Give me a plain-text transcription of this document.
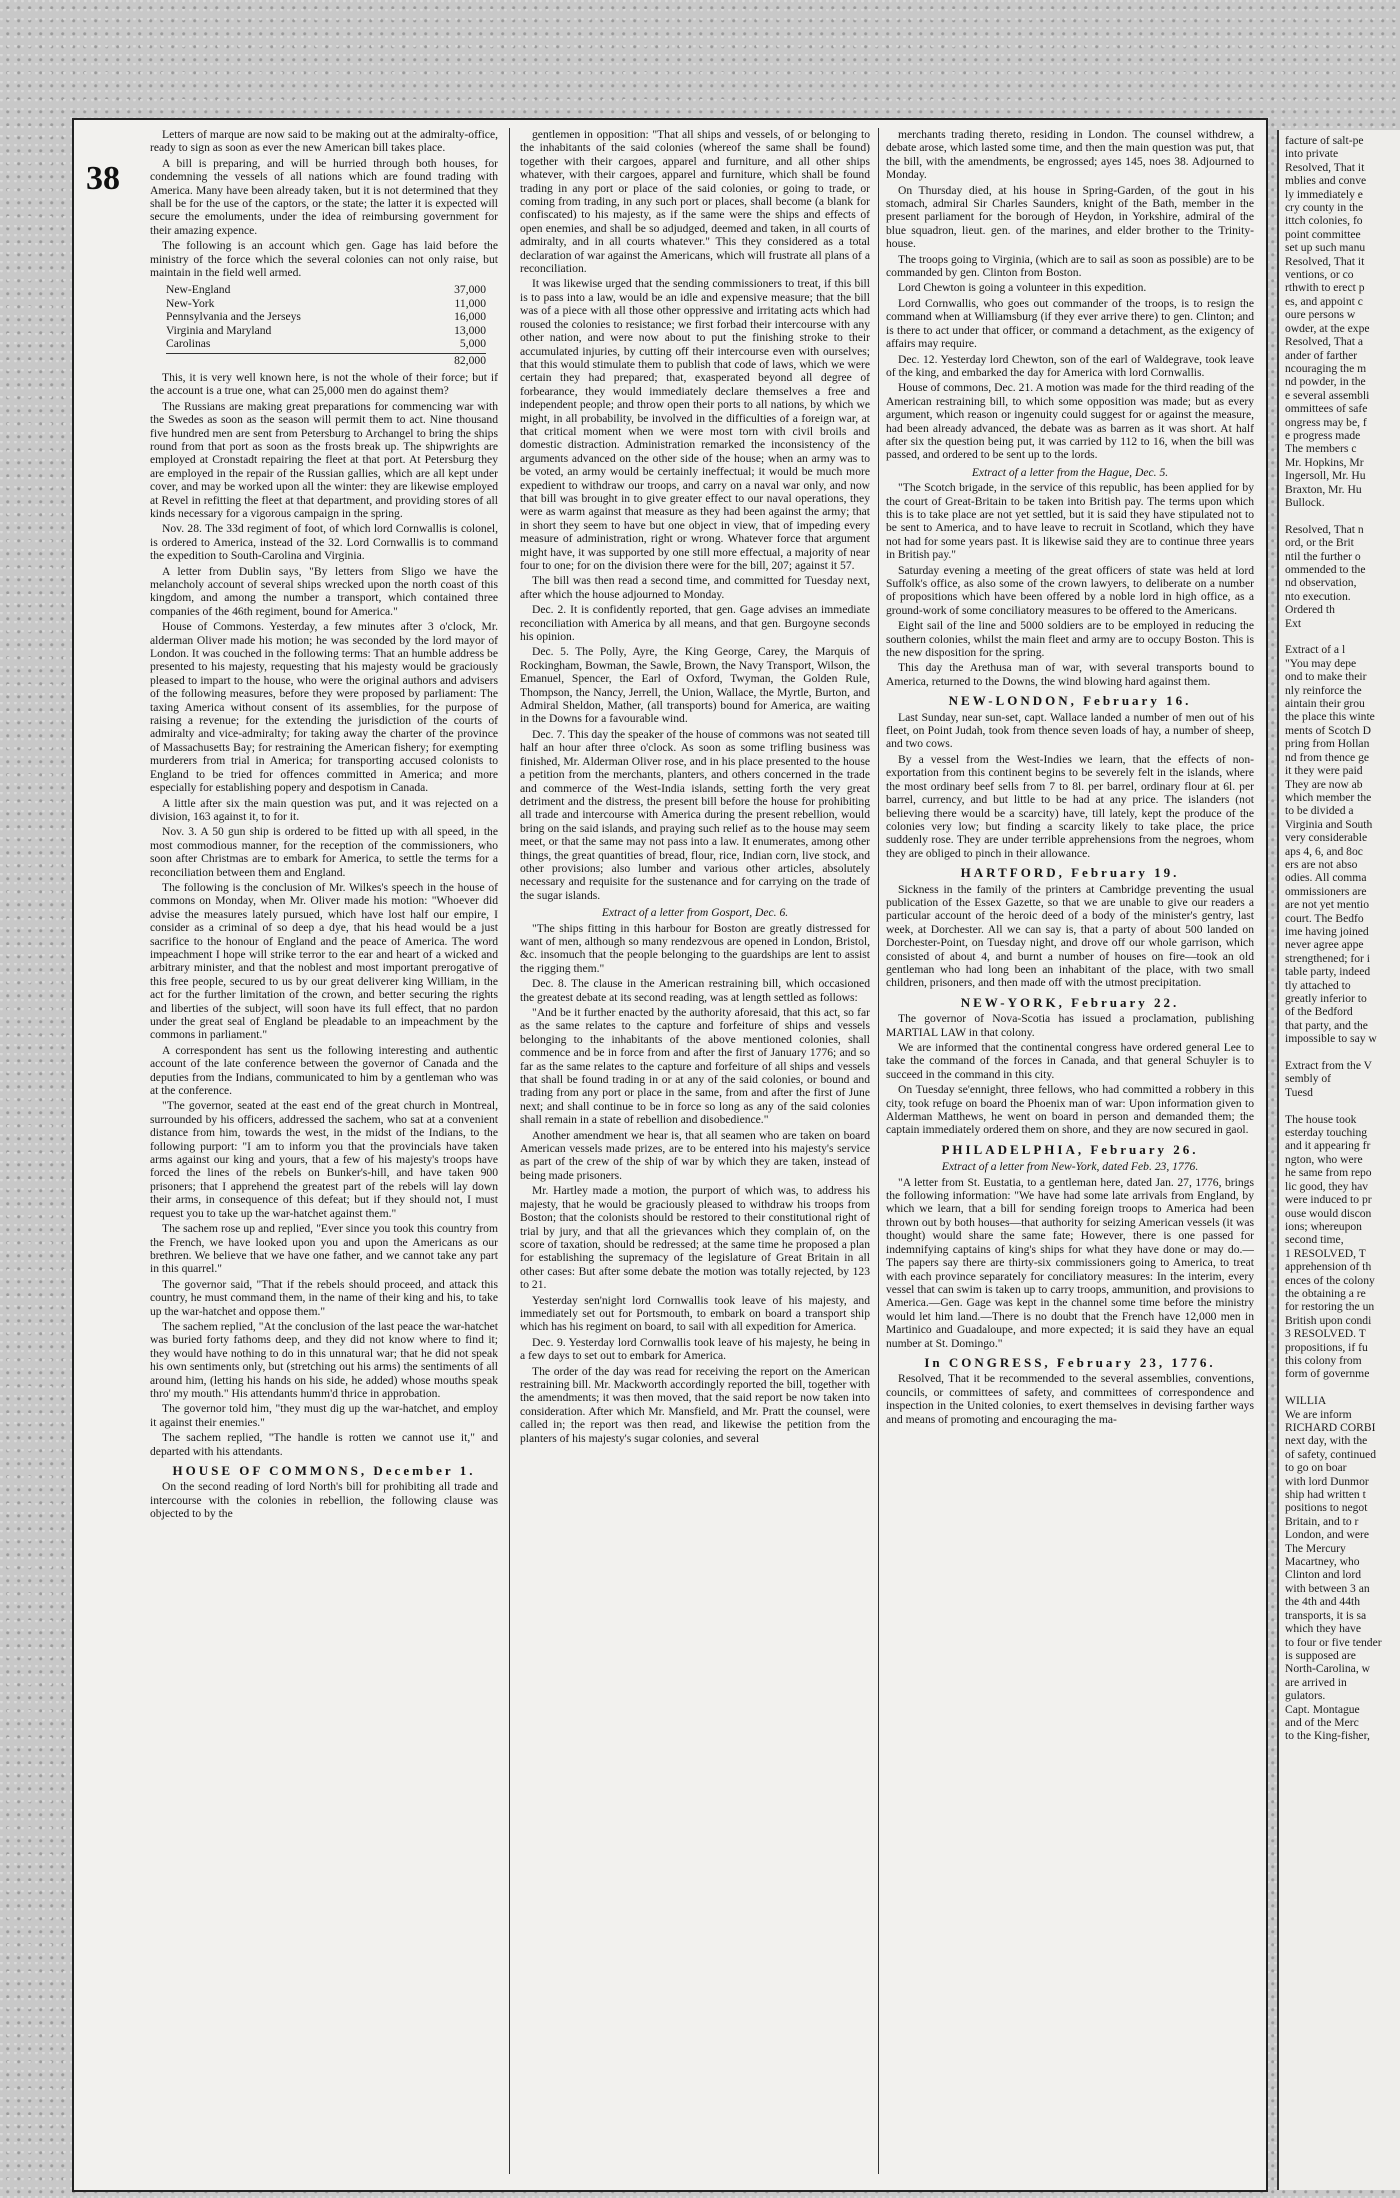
38

Letters of marque are now said to be making out at the admiralty-office, ready to sign as soon as ever the new American bill takes place.

A bill is preparing, and will be hurried through both houses, for condemning the vessels of all nations which are found trading with America. Many have been already taken, but it is not determined that they shall be for the use of the captors, or the state; the latter it is expected will secure the emoluments, under the idea of reimbursing government for their amazing expence.

The following is an account which gen. Gage has laid before the ministry of the force which the several colonies can not only raise, but maintain in the field well armed.

New-England	37,000
New-York	11,000
Pennsylvania and the Jerseys	16,000
Virginia and Maryland	13,000
Carolinas	5,000
82,000

This, it is very well known here, is not the whole of their force; but if the account is a true one, what can 25,000 men do against them?

The Russians are making great preparations for commencing war with the Swedes as soon as the season will permit them to act. Nine thousand five hundred men are sent from Petersburg to Archangel to bring the ships round from that port as soon as the frosts break up. The shipwrights are employed at Cronstadt repairing the fleet at that port. At Petersburg they are employed in the repair of the Russian gallies, which are all kept under cover, and may be worked upon all the winter: they are likewise employed at Revel in refitting the fleet at that department, and providing stores of all kinds necessary for a vigorous campaign in the spring.

Nov. 28. The 33d regiment of foot, of which lord Cornwallis is colonel, is ordered to America, instead of the 32. Lord Cornwallis is to command the expedition to South-Carolina and Virginia.

A letter from Dublin says, "By letters from Sligo we have the melancholy account of several ships wrecked upon the north coast of this kingdom, and among the number a transport, which contained three companies of the 46th regiment, bound for America."

House of Commons. Yesterday, a few minutes after 3 o'clock, Mr. alderman Oliver made his motion; he was seconded by the lord mayor of London. It was couched in the following terms: That an humble address be presented to his majesty, requesting that his majesty would be graciously pleased to impart to the house, who were the original authors and advisers of the following measures, before they were proposed by parliament: The taxing America without consent of its assemblies, for the purpose of raising a revenue; for the extending the jurisdiction of the courts of admiralty and vice-admiralty; for taking away the charter of the province of Massachusetts Bay; for restraining the American fishery; for exempting murderers from trial in America; for transporting accused colonists to England to be tried for offences committed in America; and more especially for establishing popery and despotism in Canada.

A little after six the main question was put, and it was rejected on a division, 163 against it, to for it.

Nov. 3. A 50 gun ship is ordered to be fitted up with all speed, in the most commodious manner, for the reception of the commissioners, who soon after Christmas are to embark for America, to settle the terms for a reconciliation between them and England.

The following is the conclusion of Mr. Wilkes's speech in the house of commons on Monday, when Mr. Oliver made his motion: "Whoever did advise the measures lately pursued, which have lost half our empire, I consider as a criminal of so deep a dye, that his head would be a just sacrifice to the honour of England and the peace of America. The word impeachment I hope will strike terror to the ear and heart of a wicked and arbitrary minister, and that the noblest and most important prerogative of this free people, secured to us by our great deliverer king William, in the act for the further limitation of the crown, and better securing the rights and liberties of the subject, will soon have its full effect, that no pardon under the great seal of England be pleadable to an impeachment by the commons in parliament."

A correspondent has sent us the following interesting and authentic account of the late conference between the governor of Canada and the deputies from the Indians, communicated to him by a gentleman who was at the conference.

"The governor, seated at the east end of the great church in Montreal, surrounded by his officers, addressed the sachem, who sat at a convenient distance from him, towards the west, in the midst of the Indians, to the following purport: "I am to inform you that the provincials have taken arms against our king and yours, that a few of his majesty's troops have forced the lines of the rebels on Bunker's-hill, and have taken 900 prisoners; that I apprehend the greatest part of the rebels will lay down their arms, in consequence of this defeat; but if they should not, I must request you to take up the war-hatchet against them."

The sachem rose up and replied, "Ever since you took this country from the French, we have looked upon you and upon the Americans as our brethren. We believe that we have one father, and we cannot take any part in this quarrel."

The governor said, "That if the rebels should proceed, and attack this country, he must command them, in the name of their king and his, to take up the war-hatchet and oppose them."

The sachem replied, "At the conclusion of the last peace the war-hatchet was buried forty fathoms deep, and they did not know where to find it; they would have nothing to do in this unnatural war; that he did not speak his own sentiments only, but (stretching out his arms) the sentiments of all around him, (letting his hands on his side, he added) whose mouths speak thro' my mouth." His attendants humm'd thrice in approbation.

The governor told him, "they must dig up the war-hatchet, and employ it against their enemies."

The sachem replied, "The handle is rotten we cannot use it," and departed with his attendants.

HOUSE OF COMMONS, December 1.

On the second reading of lord North's bill for prohibiting all trade and intercourse with the colonies in rebellion, the following clause was objected to by the

gentlemen in opposition: "That all ships and vessels, of or belonging to the inhabitants of the said colonies (whereof the same shall be found) together with their cargoes, apparel and furniture, and all other ships whatever, with their cargoes, apparel and furniture, which shall be found trading in any port or place of the said colonies, or going to trade, or coming from trading, in any such port or places, shall become (a blank for confiscated) to his majesty, as if the same were the ships and effects of open enemies, and shall be so adjudged, deemed and taken, in all courts of admiralty, and in all courts whatever." This they considered as a total declaration of war against the Americans, which will frustrate all plans of a reconciliation.

It was likewise urged that the sending commissioners to treat, if this bill is to pass into a law, would be an idle and expensive measure; that the bill was of a piece with all those other oppressive and irritating acts which had roused the colonies to resistance; we first forbad their intercourse with any other nation, and were now about to put the finishing stroke to their accumulated injuries, by cutting off their intercourse even with ourselves; that this would stimulate them to publish that code of laws, which we were certain they had prepared; that, exasperated beyond all degree of forbearance, they would immediately declare themselves a free and independent people; and throw open their ports to all nations, by which we might, in all probability, be involved in the difficulties of a foreign war, at that critical moment when we were most torn with civil broils and domestic distraction. Administration remarked the inconsistency of the arguments advanced on the other side of the house; when an army was to be voted, an army would be certainly ineffectual; it would be much more expedient to withdraw our troops, and carry on a naval war only, and now that bill was brought in to give greater effect to our naval operations, they were as warm against that measure as they had been against the army; that in short they seem to have but one object in view, that of impeding every measure of administration, right or wrong. Whatever force that argument might have, it was supported by one still more effectual, a majority of near four to one; for on the division there were for the bill, 207; against it 57.

The bill was then read a second time, and committed for Tuesday next, after which the house adjourned to Monday.

Dec. 2. It is confidently reported, that gen. Gage advises an immediate reconciliation with America by all means, and that gen. Burgoyne seconds his opinion.

Dec. 5. The Polly, Ayre, the King George, Carey, the Marquis of Rockingham, Bowman, the Sawle, Brown, the Navy Transport, Wilson, the Emanuel, Spencer, the Earl of Oxford, Twyman, the Golden Rule, Thompson, the Nancy, Jerrell, the Union, Wallace, the Myrtle, Burton, and Admiral Sheldon, Mather, (all transports) bound for America, are waiting in the Downs for a favourable wind.

Dec. 7. This day the speaker of the house of commons was not seated till half an hour after three o'clock. As soon as some trifling business was finished, Mr. Alderman Oliver rose, and in his place presented to the house a petition from the merchants, planters, and others concerned in the trade and commerce of the West-India islands, setting forth the very great detriment and the distress, the present bill before the house for prohibiting all trade and intercourse with America during the present rebellion, would bring on the said islands, and praying such relief as to the house may seem meet, or that the same may not pass into a law. It enumerates, among other things, the great quantities of bread, flour, rice, Indian corn, live stock, and other provisions; also lumber and various other articles, absolutely necessary and requisite for the sustenance and for carrying on the trade of the sugar islands.

Extract of a letter from Gosport, Dec. 6.

"The ships fitting in this harbour for Boston are greatly distressed for want of men, although so many rendezvous are opened in London, Bristol, &c. insomuch that the people belonging to the guardships are lent to assist the rigging them."

Dec. 8. The clause in the American restraining bill, which occasioned the greatest debate at its second reading, was at length settled as follows:

"And be it further enacted by the authority aforesaid, that this act, so far as the same relates to the capture and forfeiture of ships and vessels belonging to the inhabitants of the above mentioned colonies, shall commence and be in force from and after the first of January 1776; and so far as the same relates to the capture and forfeiture of all ships and vessels that shall be found trading in or at any of the said colonies, or bound and trading from any port or place in the same, from and after the first of June next; and shall continue to be in force so long as any of the said colonies shall remain in a state of rebellion and disobedience."

Another amendment we hear is, that all seamen who are taken on board American vessels made prizes, are to be entered into his majesty's service as part of the crew of the ship of war by which they are taken, instead of being made prisoners.

Mr. Hartley made a motion, the purport of which was, to address his majesty, that he would be graciously pleased to withdraw his troops from Boston; that the colonists should be restored to their constitutional right of trial by jury, and that all the grievances which they complain of, on the score of taxation, should be redressed; at the same time he proposed a plan for establishing the supremacy of the legislature of Great Britain in all other cases: But after some debate the motion was totally rejected, by 123 to 21.

Yesterday sen'night lord Cornwallis took leave of his majesty, and immediately set out for Portsmouth, to embark on board a transport ship which has his regiment on board, to sail with all expedition for America.

Dec. 9. Yesterday lord Cornwallis took leave of his majesty, he being in a few days to set out to embark for America.

The order of the day was read for receiving the report on the American restraining bill. Mr. Mackworth accordingly reported the bill, together with the amendments; it was then moved, that the said report be now taken into consideration. After which Mr. Mansfield, and Mr. Pratt the counsel, were called in; the report was then read, and likewise the petition from the planters of his majesty's sugar colonies, and several

merchants trading thereto, residing in London. The counsel withdrew, a debate arose, which lasted some time, and then the main question was put, that the bill, with the amendments, be engrossed; ayes 145, noes 38. Adjourned to Monday.

On Thursday died, at his house in Spring-Garden, of the gout in his stomach, admiral Sir Charles Saunders, knight of the Bath, member in the present parliament for the borough of Heydon, in Yorkshire, admiral of the blue squadron, lieut. gen. of the marines, and elder brother to the Trinity-house.

The troops going to Virginia, (which are to sail as soon as possible) are to be commanded by gen. Clinton from Boston.

Lord Chewton is going a volunteer in this expedition.

Lord Cornwallis, who goes out commander of the troops, is to resign the command when at Williamsburg (if they ever arrive there) to gen. Clinton; and is there to act under that officer, or command a detachment, as the exigency of affairs may require.

Dec. 12. Yesterday lord Chewton, son of the earl of Waldegrave, took leave of the king, and embarked the day for America with lord Cornwallis.

House of commons, Dec. 21. A motion was made for the third reading of the American restraining bill, to which some opposition was made; but as every argument, which reason or ingenuity could suggest for or against the measure, had been already advanced, the debate was as barren as it was short. At half after six the question being put, it was carried by 112 to 16, when the bill was passed, and ordered to be sent up to the lords.

Extract of a letter from the Hague, Dec. 5.

"The Scotch brigade, in the service of this republic, has been applied for by the court of Great-Britain to be taken into British pay. The terms upon which this is to take place are not yet settled, but it is said they have stipulated not to be sent to America, and to have leave to recruit in Scotland, which they have not had for some years past. It is likewise said they are to continue three years in British pay."

Saturday evening a meeting of the great officers of state was held at lord Suffolk's office, as also some of the crown lawyers, to deliberate on a number of propositions which have been offered by a noble lord in high office, as a ground-work of some conciliatory measures to be offered to the Americans.

Eight sail of the line and 5000 soldiers are to be employed in reducing the southern colonies, whilst the main fleet and army are to occupy Boston. This is the new disposition for the spring.

This day the Arethusa man of war, with several transports bound to America, returned to the Downs, the wind blowing hard against them.

NEW-LONDON, February 16.

Last Sunday, near sun-set, capt. Wallace landed a number of men out of his fleet, on Point Judah, took from thence seven loads of hay, a number of sheep, and two cows.

By a vessel from the West-Indies we learn, that the effects of non-exportation from this continent begins to be severely felt in the islands, where the most ordinary beef sells from 7 to 8l. per barrel, ordinary flour at 6l. per barrel, currency, and but little to be had at any price. The islanders (not believing there would be a scarcity) have, till lately, kept the produce of the colonies very low; but finding a scarcity likely to take place, the price suddenly rose. They are under terrible apprehensions from the negroes, whom they are obliged to pinch in their allowance.

HARTFORD, February 19.

Sickness in the family of the printers at Cambridge preventing the usual publication of the Essex Gazette, so that we are unable to give our readers a particular account of the heroic deed of a body of the minister's gentry, last week, at Dorchester. All we can say is, that a party of about 500 landed on Dorchester-Point, on Tuesday night, and drove off our whole garrison, which consisted of about 4, and burnt a number of houses on fire—took an old gentleman who had long been an inhabitant of the place, with two small children, prisoners, and then made off with the utmost precipitation.

NEW-YORK, February 22.

The governor of Nova-Scotia has issued a proclamation, publishing MARTIAL LAW in that colony.

We are informed that the continental congress have ordered general Lee to take the command of the forces in Canada, and that general Schuyler is to succeed in the command in this city.

On Tuesday se'ennight, three fellows, who had committed a robbery in this city, took refuge on board the Phoenix man of war: Upon information given to Alderman Matthews, he went on board in person and demanded them; the captain immediately ordered them on shore, and they are now secured in gaol.

PHILADELPHIA, February 26.

Extract of a letter from New-York, dated Feb. 23, 1776.

"A letter from St. Eustatia, to a gentleman here, dated Jan. 27, 1776, brings the following information: "We have had some late arrivals from England, by which we learn, that a bill for sending foreign troops to America had been thrown out by both houses—that authority for seizing American vessels (it was thought) would share the same fate; However, there is one passed for indemnifying captains of king's ships for what they have done or may do.—The papers say there are thirty-six commissioners going to America, to treat with each province separately for conciliatory measures: In the interim, every vessel that can swim is taken up to carry troops, ammunition, and provisions to America.—Gen. Gage was kept in the channel some time before the ministry would let him land.—There is no doubt that the French have 12,000 men in Martinico and Guadaloupe, and more expected; it is said they have an equal number at St. Domingo."

In CONGRESS, February 23, 1776.

Resolved, That it be recommended to the several assemblies, conventions, councils, or committees of safety, and committees of correspondence and inspection in the United colonies, to exert themselves in devising farther ways and means of promoting and encouraging the ma-

facture of salt-pe

into private

Resolved, That it

mblies and conve

ly immediately e

cry county in the

ittch colonies, fo

point committee

set up such manu

Resolved, That it

ventions, or co

rthwith to erect p

es, and appoint c

oure persons w

owder, at the expe

Resolved, That a

ander of farther

ncouraging the m

nd powder, in the

e several assembli

ommittees of safe

ongress may be, f

e progress made

The members c

Mr. Hopkins, Mr

Ingersoll, Mr. Hu

Braxton, Mr. Hu

Bullock.

Resolved, That n

ord, or the Brit

ntil the further o

ommended to the

nd observation,

nto execution.

Ordered th

Ext

Extract of a l

"You may depe

ond to make their

nly reinforce the

aintain their grou

the place this winte

ments of Scotch D

pring from Hollan

nd from thence ge

it they were paid

They are now ab

which member the

to be divided a

Virginia and South

very considerable

aps 4, 6, and 8oc

ers are not abso

odies. All comma

ommissioners are

are not yet mentio

court. The Bedfo

ime having joined

never agree appe

strengthened; for i

table party, indeed

tly attached to

greatly inferior to

of the Bedford

that party, and the

impossible to say w

Extract from the V

sembly of

Tuesd

The house took

esterday touching

and it appearing fr

ngton, who were

he same from repo

lic good, they hav

were induced to pr

ouse would discon

ions; whereupon

second time,

1 RESOLVED, T

apprehension of th

ences of the colony

the obtaining a re

for restoring the un

British upon condi

3 RESOLVED. T

propositions, if fu

this colony from

form of governme

WILLIA

We are inform

RICHARD CORBI

next day, with the

of safety, continued

to go on boar

with lord Dunmor

ship had written t

positions to negot

Britain, and to r

London, and were

The Mercury

Macartney, who

Clinton and lord

with between 3 an

the 4th and 44th

transports, it is sa

which they have

to four or five tender

is supposed are

North-Carolina, w

are arrived in

gulators.

Capt. Montague

and of the Merc

to the King-fisher,
